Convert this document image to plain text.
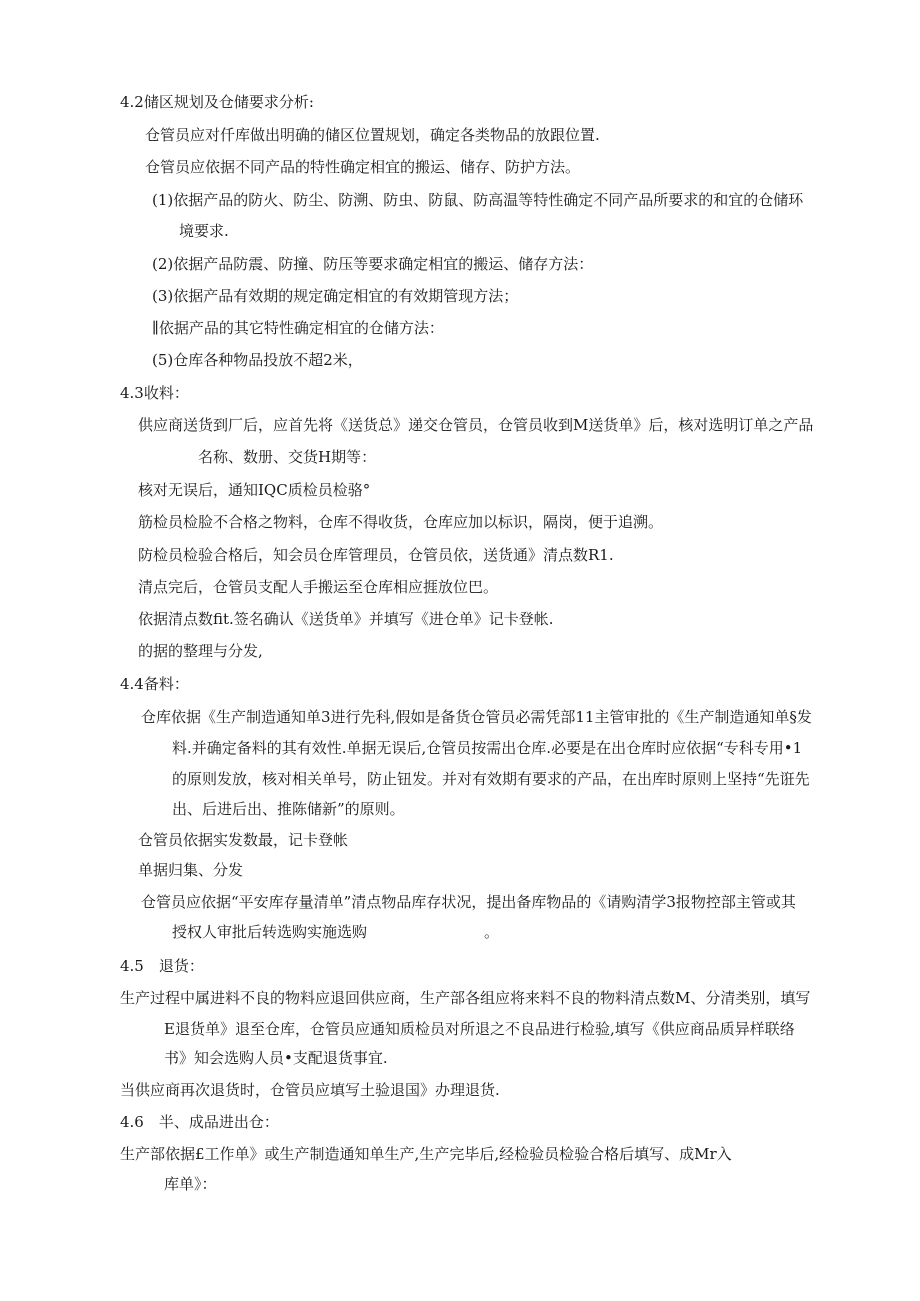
4.2储区规划及仓储要求分析:

仓管员应对仟库做出明确的储区位置规划，确定各类物品的放跟位置.

仓管员应依据不同产品的特性确定相宜的搬运、储存、防护方法。

(1)依据产品的防火、防尘、防溯、防虫、防鼠、防高温等特性确定不同产品所要求的和宜的仓储环

境要求.

(2)依据产品防震、防撞、防压等要求确定相宜的搬运、储存方法：

(3)依据产品有效期的规定确定相宜的有效期管现方法；

∥依据产品的其它特性确定相宜的仓储方法：

(5)仓库各种物品投放不超2米，

4.3收料：

供应商送货到厂后，应首先将《送货总》递交仓管员，仓管员收到M送货单》后，核对选明订单之产品

名称、数册、交货H期等：

核对无误后，通知IQC质检员检骆°

筋检员检脸不合格之物料，仓库不得收货，仓库应加以标识，隔岗，便于追溯。

防检员检验合格后，知会员仓库管理员，仓管员依，送货通》清点数R1.

清点完后，仓管员支配人手搬运至仓库相应捱放位巴。

依据清点数fit.签名确认《送货单》并填写《进仓单》记卡登帐.

的据的整理与分发,

4.4备料：

仓库依据《生产制造通知单3进行先科,假如是备货仓管员必需凭部11主管审批的《生产制造通知单§发

料.并确定备料的其有效性.单据无误后,仓管员按需出仓库.必要是在出仓库时应依据“专科专用•1

的原则发放，核对相关单号，防止钮发。并对有效期有要求的产品，在出库时原则上坚持“先诳先

出、后进后出、推陈储新”的原则。

仓管员依据实发数最，记卡登帐

单据归集、分发

仓管员应依据“平安库存量清单”清点物品库存状况，提出备库物品的《请购清学3报物控部主管或其

授权人审批后转选购实施选购	。

4.5　退货：

生产过程中属进料不良的物料应退回供应商，生产部各组应将来料不良的物料清点数M、分清类别，填写

E退货单》退至仓库，仓管员应通知质检员对所退之不良品进行检验,填写《供应商品质异样联络

书》知会选购人员•支配退货事宜.

当供应商再次退货时，仓管员应填写土验退国》办理退货.

4.6　半、成品进出仓：

生产部依据£工作单》或生产制造通知单生产,生产完毕后,经检验员检验合格后填写、成Mr入

库单》：
